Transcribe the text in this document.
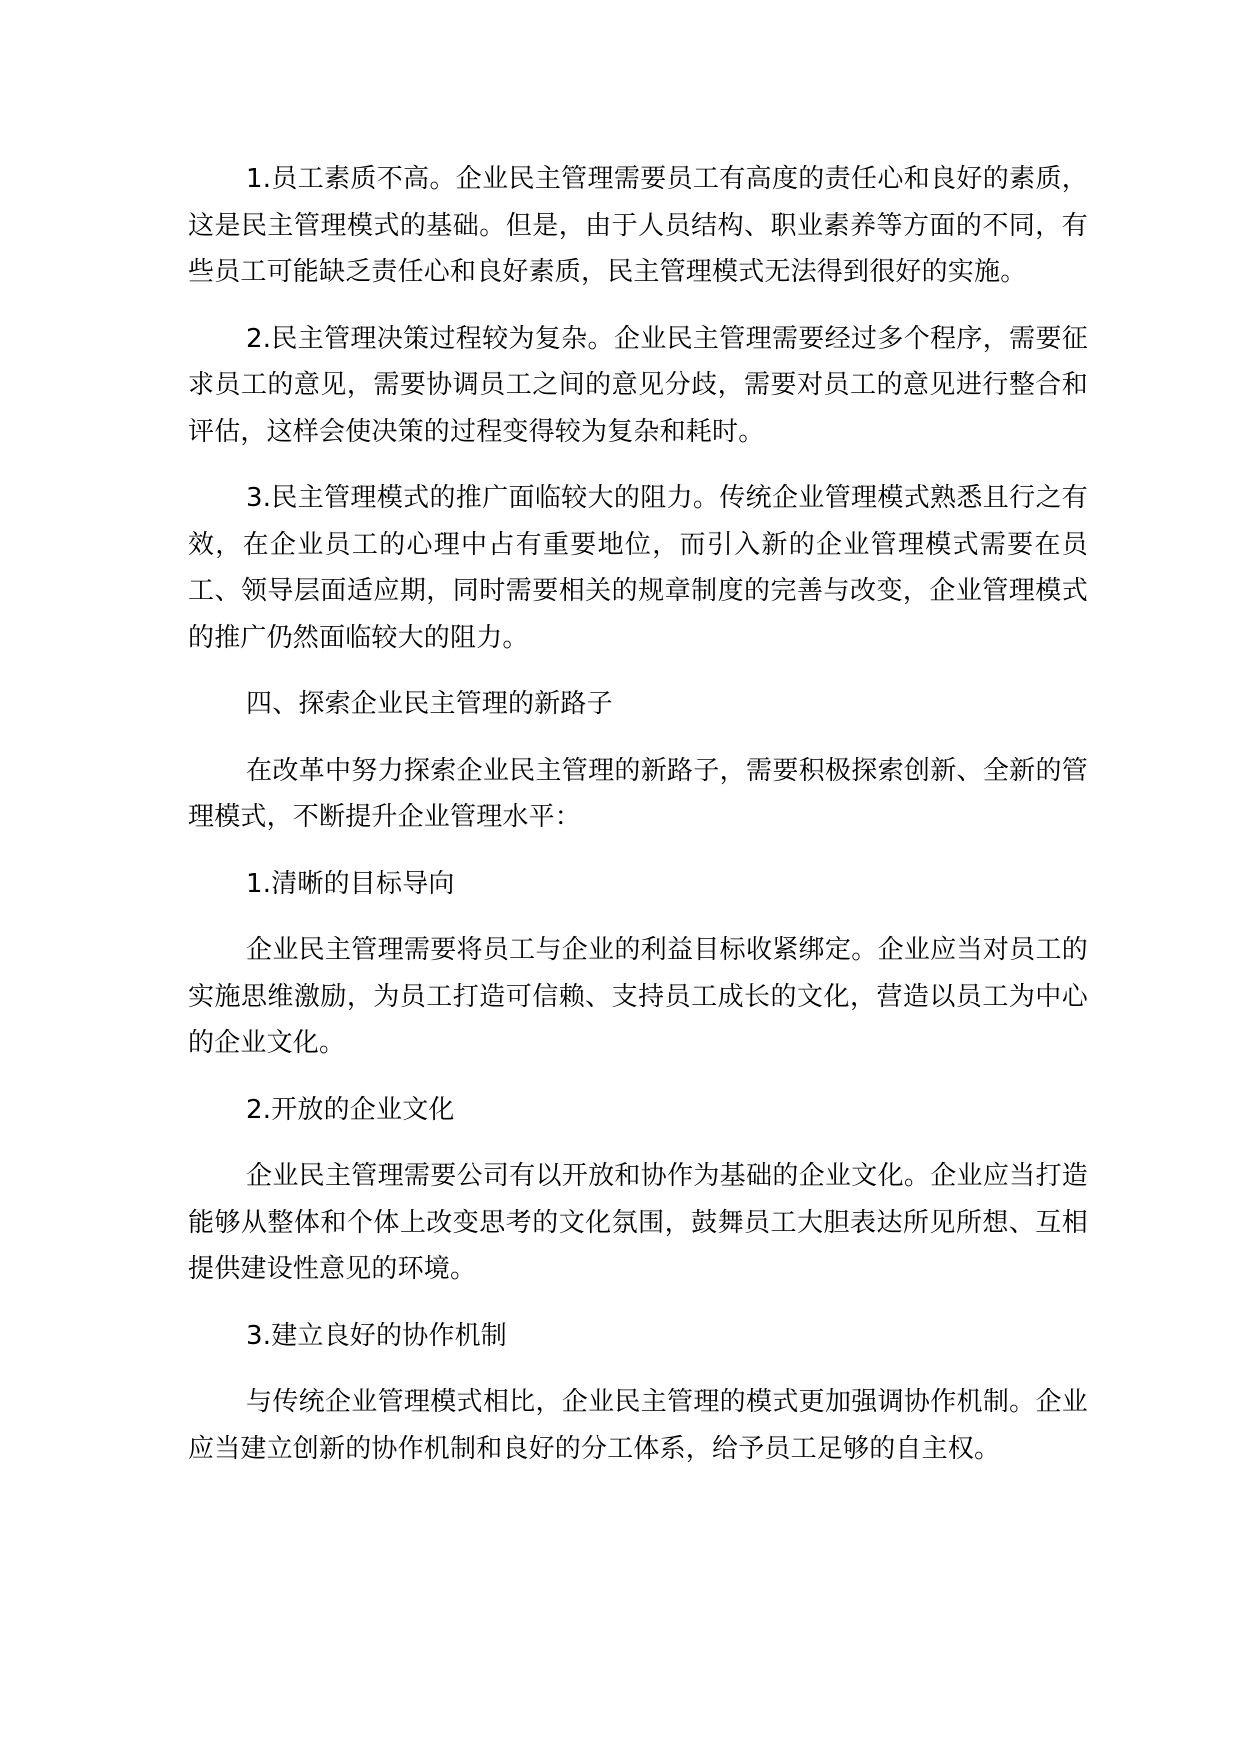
1.员工素质不高。企业民主管理需要员工有高度的责任心和良好的素质，这是民主管理模式的基础。但是，由于人员结构、职业素养等方面的不同，有些员工可能缺乏责任心和良好素质，民主管理模式无法得到很好的实施。

2.民主管理决策过程较为复杂。企业民主管理需要经过多个程序，需要征求员工的意见，需要协调员工之间的意见分歧，需要对员工的意见进行整合和评估，这样会使决策的过程变得较为复杂和耗时。

3.民主管理模式的推广面临较大的阻力。传统企业管理模式熟悉且行之有效，在企业员工的心理中占有重要地位，而引入新的企业管理模式需要在员工、领导层面适应期，同时需要相关的规章制度的完善与改变，企业管理模式的推广仍然面临较大的阻力。

四、探索企业民主管理的新路子

在改革中努力探索企业民主管理的新路子，需要积极探索创新、全新的管理模式，不断提升企业管理水平：

1.清晰的目标导向

企业民主管理需要将员工与企业的利益目标收紧绑定。企业应当对员工的实施思维激励，为员工打造可信赖、支持员工成长的文化，营造以员工为中心的企业文化。

2.开放的企业文化

企业民主管理需要公司有以开放和协作为基础的企业文化。企业应当打造能够从整体和个体上改变思考的文化氛围，鼓舞员工大胆表达所见所想、互相提供建设性意见的环境。

3.建立良好的协作机制

与传统企业管理模式相比，企业民主管理的模式更加强调协作机制。企业应当建立创新的协作机制和良好的分工体系，给予员工足够的自主权。
